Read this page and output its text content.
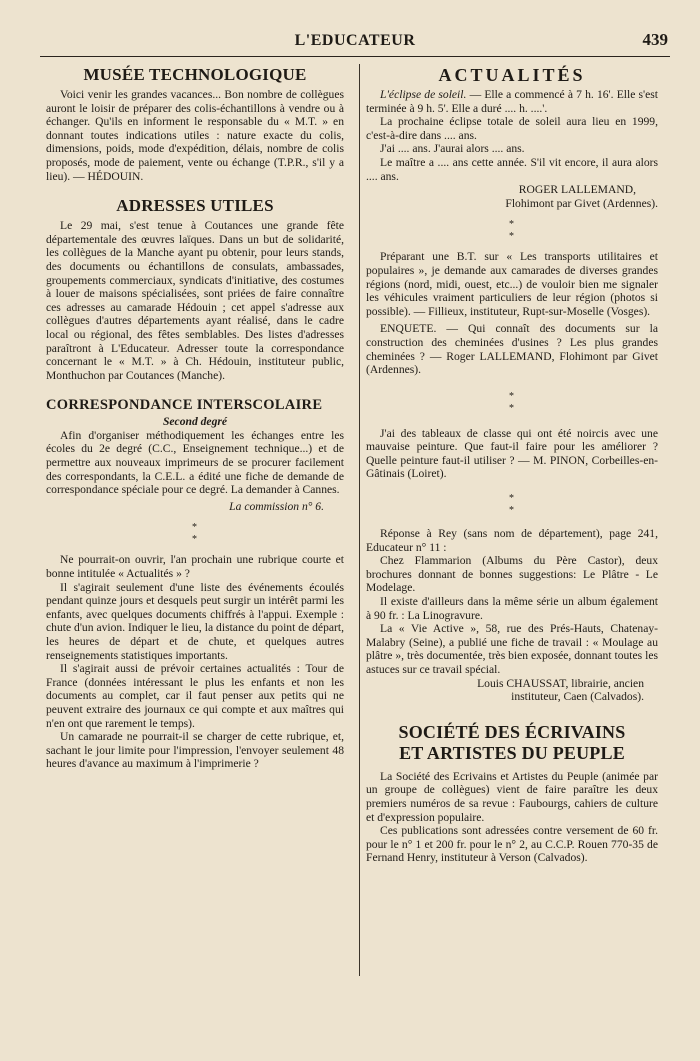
L'EDUCATEUR	439
MUSÉE TECHNOLOGIQUE

Voici venir les grandes vacances... Bon nombre de collègues auront le loisir de préparer des colis-échantillons à vendre ou à échanger. Qu'ils en informent le responsable du « M.T. » en donnant toutes indications utiles : nature exacte du colis, dimensions, poids, mode d'expédition, délais, nombre de colis proposés, mode de paiement, vente ou échange (T.P.R., s'il y a lieu). — HÉDOUIN.

ADRESSES UTILES

Le 29 mai, s'est tenue à Coutances une grande fête départementale des œuvres laïques. Dans un but de solidarité, les collègues de la Manche ayant pu obtenir, pour leurs stands, des documents ou échantillons de consulats, ambassades, groupements commerciaux, syndicats d'initiative, des costumes à louer de maisons spécialisées, sont priées de faire connaître ces adresses au camarade Hédouin ; cet appel s'adresse aux collègues d'autres départements ayant réalisé, dans le cadre local ou régional, des fêtes semblables. Des listes d'adresses paraîtront à L'Educateur. Adresser toute la correspondance concernant le « M.T. » à Ch. Hédouin, instituteur public, Monthuchon par Coutances (Manche).

CORRESPONDANCE INTERSCOLAIRE
Second degré

Afin d'organiser méthodiquement les échanges entre les écoles du 2e degré (C.C., Enseignement technique...) et de permettre aux nouveaux imprimeurs de se procurer facilement des correspondants, la C.E.L. a édité une fiche de demande de correspondance spéciale pour ce degré. La demander à Cannes.

La commission n° 6.
*
*

Ne pourrait-on ouvrir, l'an prochain une rubrique courte et bonne intitulée « Actualités » ?

Il s'agirait seulement d'une liste des événements écoulés pendant quinze jours et desquels peut surgir un intérêt parmi les enfants, avec quelques documents chiffrés à l'appui. Exemple : chute d'un avion. Indiquer le lieu, la distance du point de départ, les heures de départ et de chute, et quelques autres renseignements statistiques importants.

Il s'agirait aussi de prévoir certaines actualités : Tour de France (données intéressant le plus les enfants et non les documents au complet, car il faut penser aux petits qui ne peuvent extraire des journaux ce qui compte et aux maîtres qui n'en ont que rarement le temps).

Un camarade ne pourrait-il se charger de cette rubrique, et, sachant le jour limite pour l'impression, l'envoyer seulement 48 heures d'avance au maximum à l'imprimerie ?

ACTUALITÉS

L'éclipse de soleil. — Elle a commencé à 7 h. 16'. Elle s'est terminée à 9 h. 5'. Elle a duré .... h. ....'.

La prochaine éclipse totale de soleil aura lieu en 1999, c'est-à-dire dans .... ans.

J'ai .... ans. J'aurai alors .... ans.

Le maître a .... ans cette année. S'il vit encore, il aura alors .... ans.

ROGER LALLEMAND,
Flohimont par Givet (Ardennes).
*
*

Préparant une B.T. sur « Les transports utilitaires et populaires », je demande aux camarades de diverses grandes régions (nord, midi, ouest, etc...) de vouloir bien me signaler les véhicules vraiment particuliers de leur région (photos si possible). — Fillieux, instituteur, Rupt-sur-Moselle (Vosges).

ENQUETE. — Qui connaît des documents sur la construction des cheminées d'usines ? Les plus grandes cheminées ? — Roger LALLEMAND, Flohimont par Givet (Ardennes).

*
*

J'ai des tableaux de classe qui ont été noircis avec une mauvaise peinture. Que faut-il faire pour les améliorer ? Quelle peinture faut-il utiliser ? — M. PINON, Corbeilles-en-Gâtinais (Loiret).

*
*

Réponse à Rey (sans nom de département), page 241, Educateur n° 11 :

Chez Flammarion (Albums du Père Castor), deux brochures donnant de bonnes suggestions: Le Plâtre - Le Modelage.

Il existe d'ailleurs dans la même série un album également à 90 fr. : La Linogravure.

La « Vie Active », 58, rue des Prés-Hauts, Chatenay-Malabry (Seine), a publié une fiche de travail : « Moulage au plâtre », très documentée, très bien exposée, donnant toutes les astuces sur ce travail spécial.

Louis CHAUSSAT, librairie, ancien
instituteur, Caen (Calvados).
SOCIÉTÉ DES ÉCRIVAINS
ET ARTISTES DU PEUPLE

La Société des Ecrivains et Artistes du Peuple (animée par un groupe de collègues) vient de faire paraître les deux premiers numéros de sa revue : Faubourgs, cahiers de culture et d'expression populaire.

Ces publications sont adressées contre versement de 60 fr. pour le n° 1 et 200 fr. pour le n° 2, au C.C.P. Rouen 770-35 de Fernand Henry, instituteur à Verson (Calvados).
